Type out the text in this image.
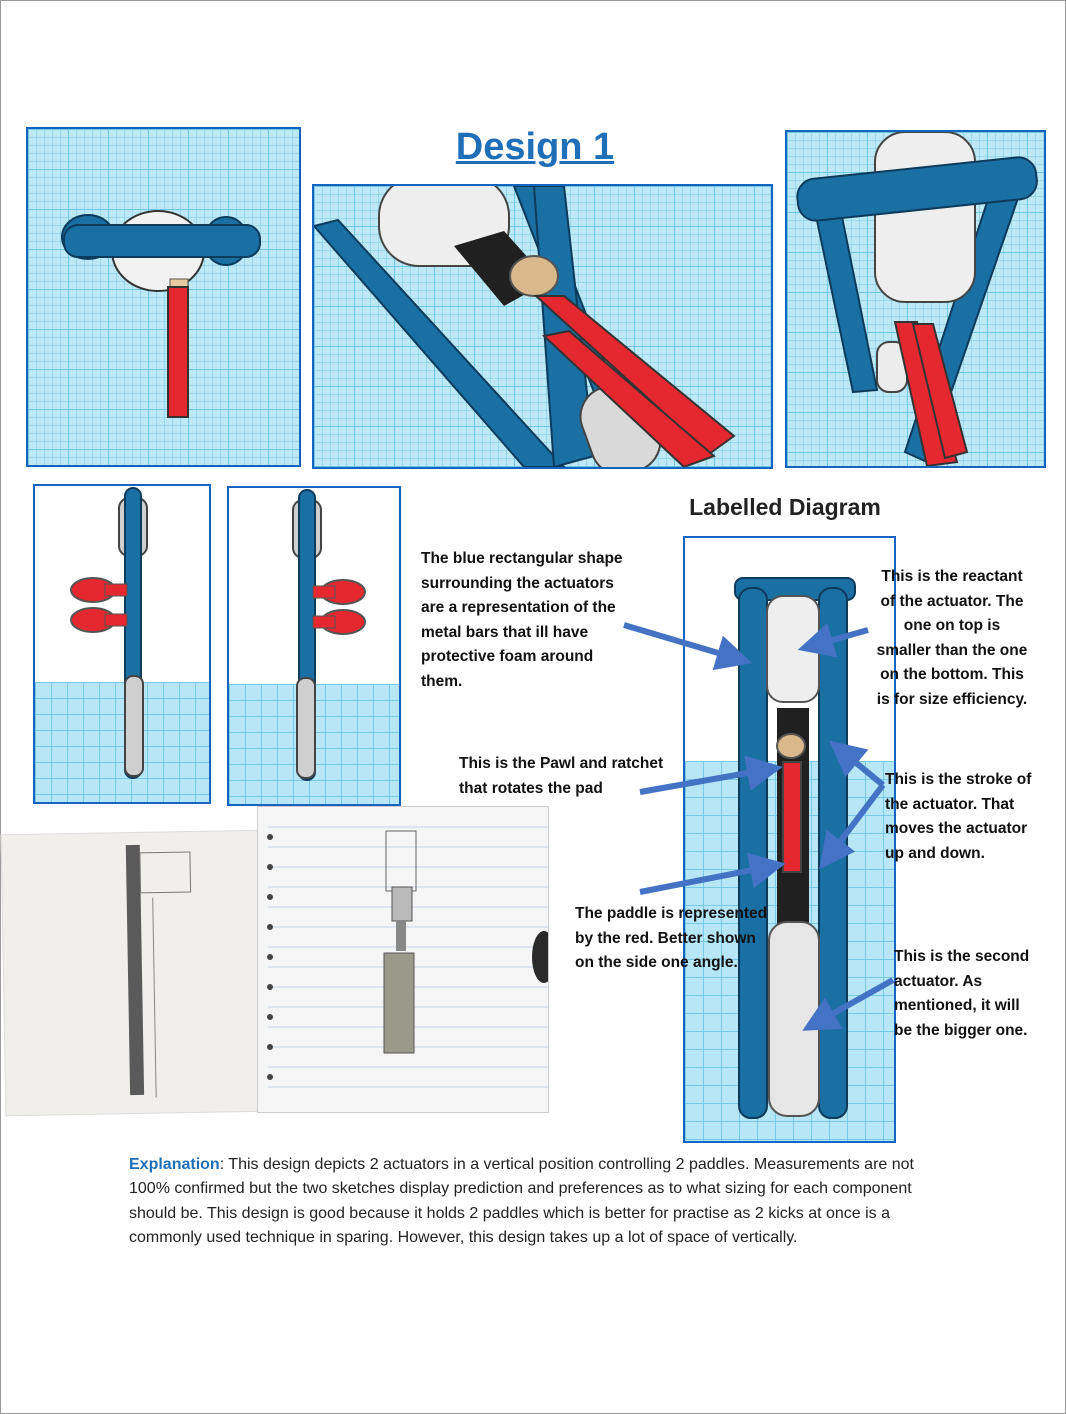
Design 1
Labelled Diagram
The blue rectangular shape
surrounding the actuators
are a representation of the
metal bars that ill have
protective foam around
them.
This is the Pawl and ratchet
that rotates the pad
The paddle is represented
by the red. Better shown
on the side one angle.
This is the reactant
of the actuator. The
one on top is
smaller than the one
on the bottom. This
is for size efficiency.
This is the stroke of
the actuator. That
moves the actuator
up and down.
This is the second
actuator. As
mentioned, it will
be the bigger one.
Explanation: This design depicts 2 actuators in a vertical position controlling 2 paddles. Measurements are not 100% confirmed but the two sketches display prediction and preferences as to what sizing for each component should be. This design is good because it holds 2 paddles which is better for practise as 2 kicks at once is a commonly used technique in sparing. However, this design takes up a lot of space of vertically.
